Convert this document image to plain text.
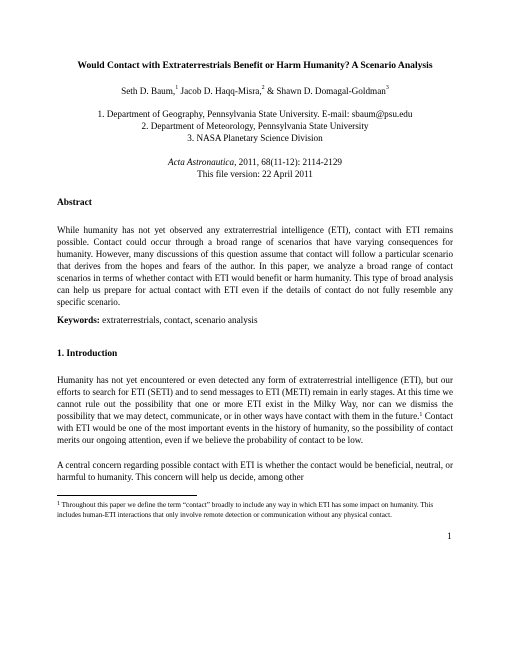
Would Contact with Extraterrestrials Benefit or Harm Humanity? A Scenario Analysis
Seth D. Baum,$^1$ Jacob D. Haqq-Misra,$^2$ & Shawn D. Domagal-Goldman$^3$
1. Department of Geography, Pennsylvania State University. E-mail: sbaum@psu.edu
2. Department of Meteorology, Pennsylvania State University
3. NASA Planetary Science Division
Acta Astronautica, 2011, 68(11-12): 2114-2129
This file version: 22 April 2011
Abstract
While humanity has not yet observed any extraterrestrial intelligence (ETI), contact with ETI remains possible. Contact could occur through a broad range of scenarios that have varying consequences for humanity. However, many discussions of this question assume that contact will follow a particular scenario that derives from the hopes and fears of the author. In this paper, we analyze a broad range of contact scenarios in terms of whether contact with ETI would benefit or harm humanity. This type of broad analysis can help us prepare for actual contact with ETI even if the details of contact do not fully resemble any specific scenario.
Keywords: extraterrestrials, contact, scenario analysis
1. Introduction
Humanity has not yet encountered or even detected any form of extraterrestrial intelligence (ETI), but our efforts to search for ETI (SETI) and to send messages to ETI (METI) remain in early stages. At this time we cannot rule out the possibility that one or more ETI exist in the Milky Way, nor can we dismiss the possibility that we may detect, communicate, or in other ways have contact with them in the future.$^1$ Contact with ETI would be one of the most important events in the history of humanity, so the possibility of contact merits our ongoing attention, even if we believe the probability of contact to be low.
A central concern regarding possible contact with ETI is whether the contact would be beneficial, neutral, or harmful to humanity. This concern will help us decide, among other
$^1$ Throughout this paper we define the term “contact” broadly to include any way in which ETI has some impact on humanity. This includes human-ETI interactions that only involve remote detection or communication without any physical contact.
1
